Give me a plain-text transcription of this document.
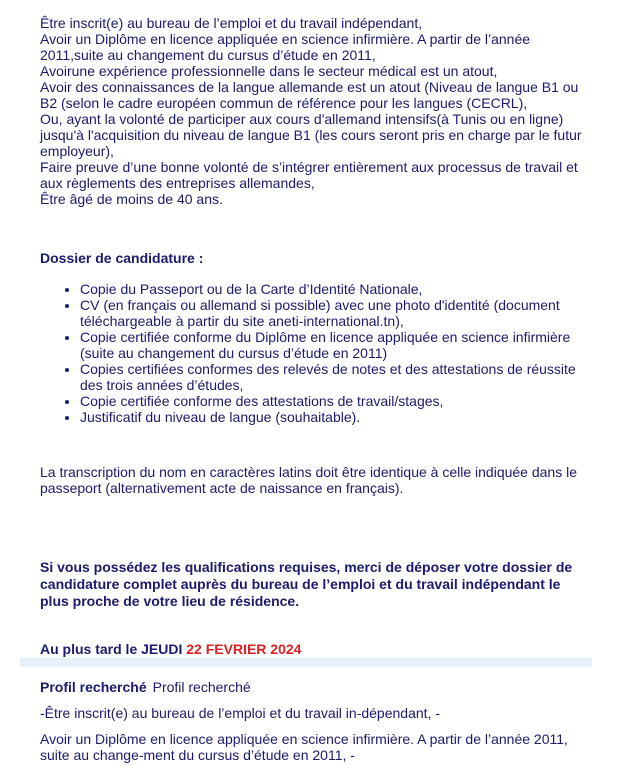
Être inscrit(e) au bureau de l’emploi et du travail indépendant,
Avoir un Diplôme en licence appliquée en science infirmière. A partir de l’année
2011,suite au changement du cursus d’étude en 2011,
Avoirune expérience professionnelle dans le secteur médical est un atout,
Avoir des connaissances de la langue allemande est un atout (Niveau de langue B1 ou
B2 (selon le cadre européen commun de référence pour les langues (CECRL),
Ou, ayant la volonté de participer aux cours d'allemand intensifs(à Tunis ou en ligne)
jusqu'à l'acquisition du niveau de langue B1 (les cours seront pris en charge par le futur
employeur),
Faire preuve d’une bonne volonté de s’intégrer entièrement aux processus de travail et
aux règlements des entreprises allemandes,
Être âgé de moins de 40 ans.
Dossier de candidature :
• Copie du Passeport ou de la Carte d’Identité Nationale,
• CV (en français ou allemand si possible) avec une photo d'identité (document
téléchargeable à partir du site aneti-international.tn),
• Copie certifiée conforme du Diplôme en licence appliquée en science infirmière
(suite au changement du cursus d’étude en 2011)
• Copies certifiées conformes des relevés de notes et des attestations de réussite
des trois années d’études,
• Copie certifiée conforme des attestations de travail/stages,
• Justificatif du niveau de langue (souhaitable).
La transcription du nom en caractères latins doit être identique à celle indiquée dans le
passeport (alternativement acte de naissance en français).
Si vous possédez les qualifications requises, merci de déposer votre dossier de
candidature complet auprès du bureau de l’emploi et du travail indépendant le
plus proche de votre lieu de résidence.
Au plus tard le JEUDI 22 FEVRIER 2024
Profil recherché Profil recherché
-Être inscrit(e) au bureau de l’emploi et du travail in-dépendant, -
Avoir un Diplôme en licence appliquée en science infirmière. A partir de l’année 2011,
suite au change-ment du cursus d’étude en 2011, -
